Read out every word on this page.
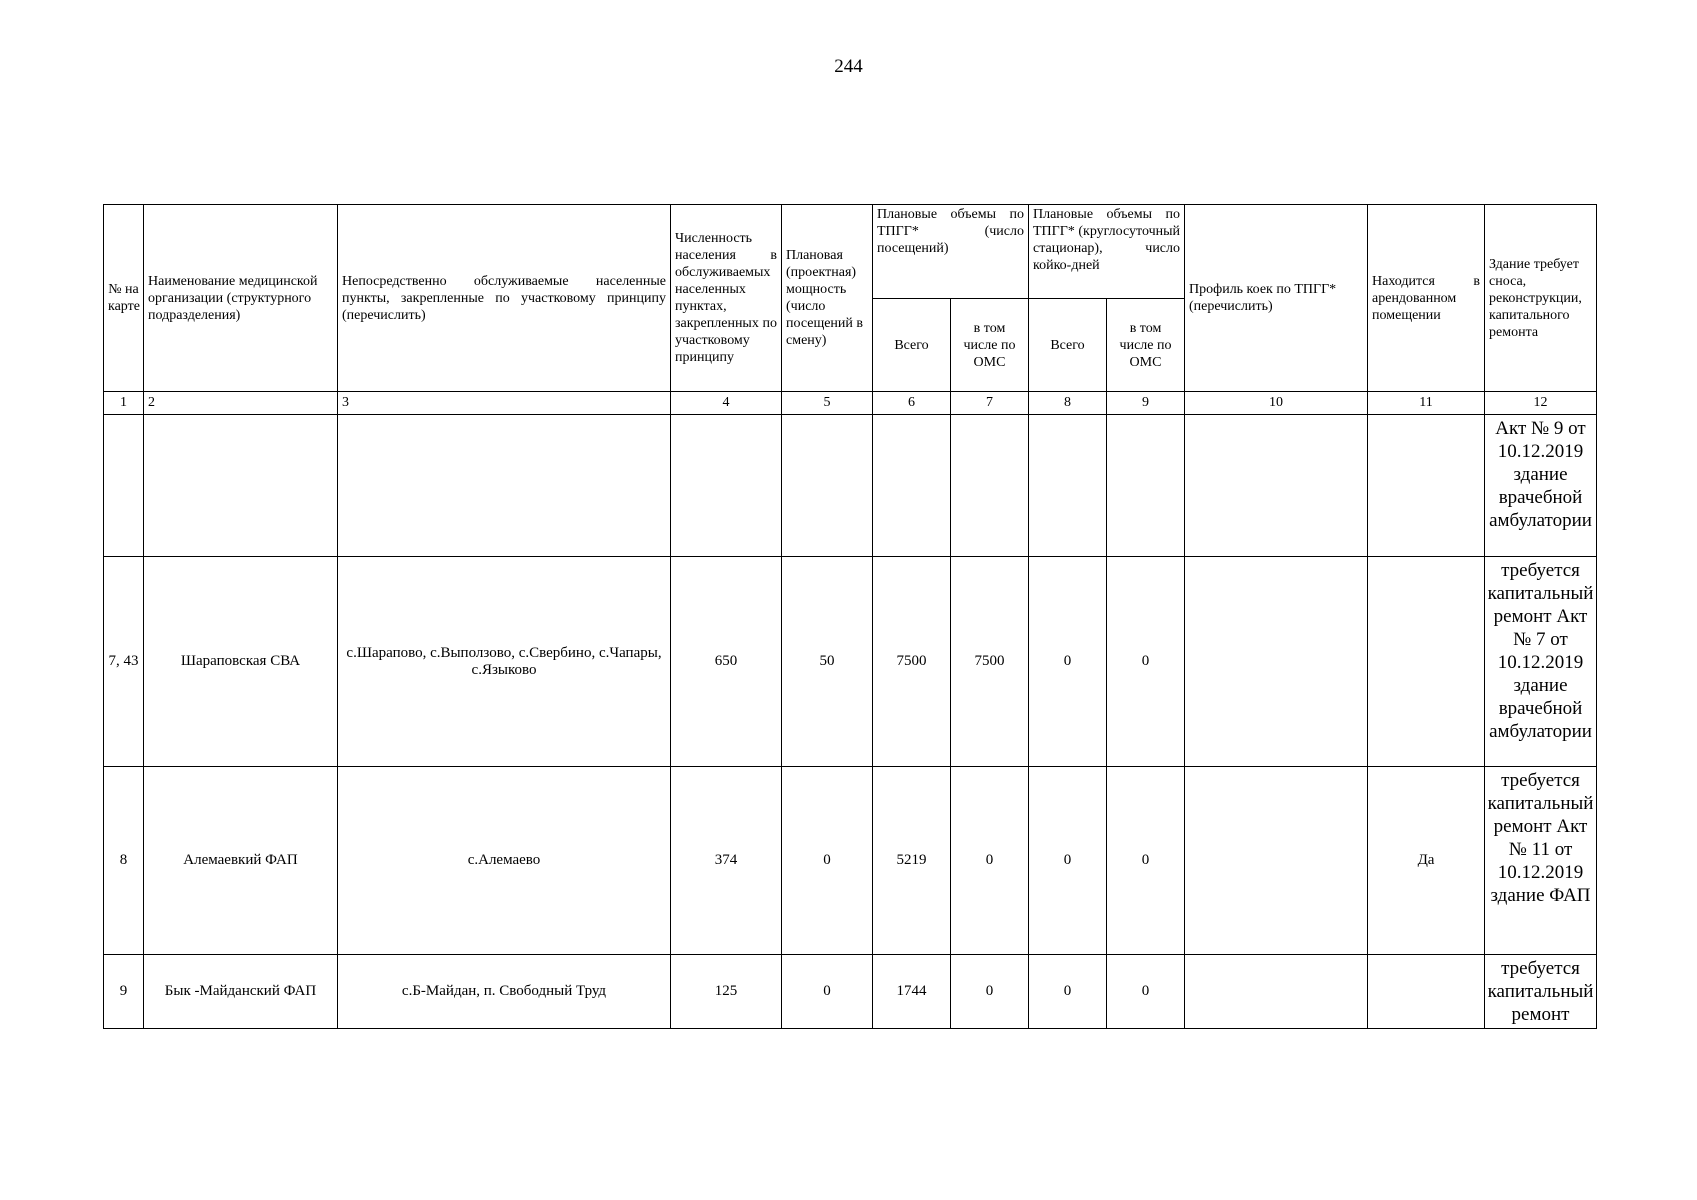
244
№ на карте	Наименование медицинской организации (структурного подразделения)	Непосредственно обслуживаемые населенные пункты, закрепленные по участковому принципу (перечислить)	Численность населения в обслуживаемых населенных пунктах, закрепленных по участковому принципу	Плановая (проектная) мощность (число посещений в смену)	Плановые объемы по ТПГГ* (число посещений)		Плановые объемы по ТПГГ* (круглосуточный стационар), число койко-дней		Профиль коек по ТПГГ* (перечислить)	Находится в арендованном помещении	Здание требует сноса, реконструкции, капитального ремонта
					Всего	в том числе по ОМС	Всего	в том числе по ОМС			
1	2	3	4	5	6	7	8	9	10	11	12
											Акт № 9 от 10.12.2019 здание врачебной амбулатории
7, 43	Шараповская СВА	с.Шарапово, с.Выползово, с.Свербино, с.Чапары, с.Языково	650	50	7500	7500	0	0			требуется капитальный ремонт Акт № 7 от 10.12.2019 здание врачебной амбулатории
8	Алемаевкий ФАП	с.Алемаево	374	0	5219	0	0	0		Да	требуется капитальный ремонт Акт № 11 от 10.12.2019 здание ФАП
9	Бык -Майданский ФАП	с.Б-Майдан, п. Свободный Труд	125	0	1744	0	0	0			требуется капитальный ремонт
